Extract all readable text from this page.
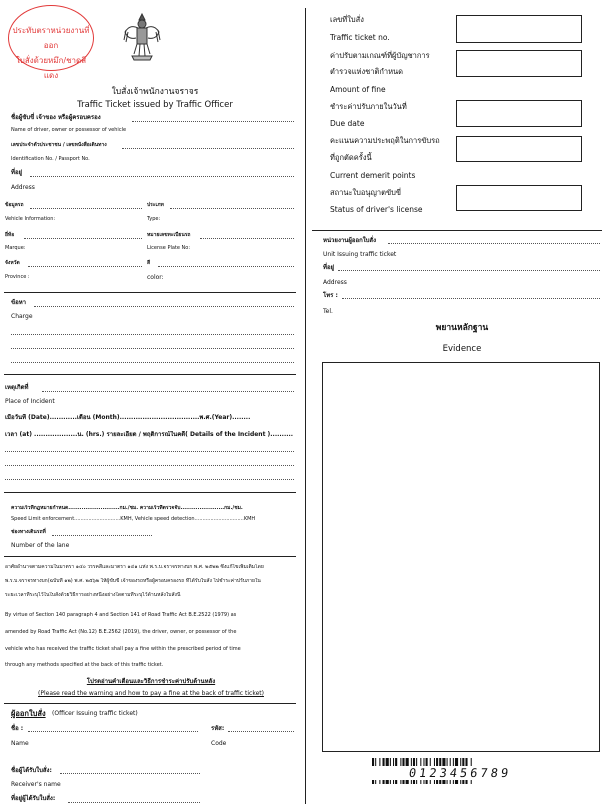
ประทับตราหน่วยงานที่ออก
ใบสั่งด้วยหมึก/ชาดสีแดง
ใบสั่งเจ้าพนักงานจราจร
Traffic Ticket issued by Traffic Officer
ชื่อผู้ขับขี่ เจ้าของ หรือผู้ครอบครอง
Name of driver, owner or possessor of vehicle
เลขประจำตัวประชาชน / เลขหนังสือเดินทาง
Identification No. / Passport No.
ที่อยู่
Address
ข้อมูลรถ	ประเภท
Vehicle Information:	Type:
ยี่ห้อ	หมายเลขทะเบียนรถ
Marque:	License Plate No:
จังหวัด	สี
Province :	color:
ข้อหา
Charge
เหตุเกิดที่
Place of Incident
เมื่อวันที่ (Date)............เดือน (Month)...................................พ.ศ.(Year)........
เวลา (at) ...................น. (hrs.) รายละเอียด / พฤติการณ์ในคดี( Details of the Incident )..........
ความเร็วที่กฎหมายกำหนด...........................กม./ชม. ความเร็วที่ตรวจจับ.......................กม./ชม.
Speed Limit enforcement.............................KMH, Vehicle speed detection...............................KMH
ช่องทางเดินรถที่
Number of the lane
อาศัยอำนาจตามความในมาตรา ๑๔๐ วรรคสี่และมาตรา ๑๔๑ แห่ง พ.ร.บ.จราจรทางบก พ.ศ. ๒๕๒๒ ซึ่งแก้ไขเพิ่มเติมโดย
พ.ร.บ.จราจรทางบก(ฉบับที่ ๑๒) พ.ศ. ๒๕๖๒ ให้ผู้ขับขี่ เจ้าของรถหรือผู้ครอบครองรถ ที่ได้รับใบสั่ง ไปชำระค่าปรับภายใน
ระยะเวลาที่ระบุไว้ในใบสั่งด้วยวิธีการอย่างหนึ่งอย่างใดตามที่ระบุไว้ด้านหลังใบสั่งนี้
By virtue of Section 140 paragraph 4 and Section 141 of Road Traffic Act B.E.2522 (1979) as
amended by Road Traffic Act (No.12) B.E.2562 (2019), the driver, owner, or possessor of the
vehicle who has received the traffic ticket shall pay a fine within the prescribed period of time
through any methods specified at the back of this traffic ticket.
โปรดอ่านคำเตือนและวิธีการชำระค่าปรับด้านหลัง
(Please read the warning and how to pay a fine at the back of traffic ticket)
ผู้ออกใบสั่ง (Officer Issuing traffic ticket)
ชื่อ :	รหัส:
Name	Code
ชื่อผู้ได้รับใบสั่ง:
Receiver's name
ที่อยู่ผู้ได้รับใบสั่ง:
เลขที่ใบสั่ง
Traffic ticket no.
ค่าปรับตามเกณฑ์ที่ผู้บัญชาการ
ตำรวจแห่งชาติกำหนด
Amount of fine
ชำระค่าปรับภายในวันที่
Due date
คะแนนความประพฤติในการขับรถ
ที่ถูกตัดครั้งนี้
Current demerit points
สถานะใบอนุญาตขับขี่
Status of driver's license
หน่วยงานผู้ออกใบสั่ง
Unit Issuing traffic ticket
ที่อยู่
Address
โทร :
Tel.
พยานหลักฐาน
Evidence
0123456789
